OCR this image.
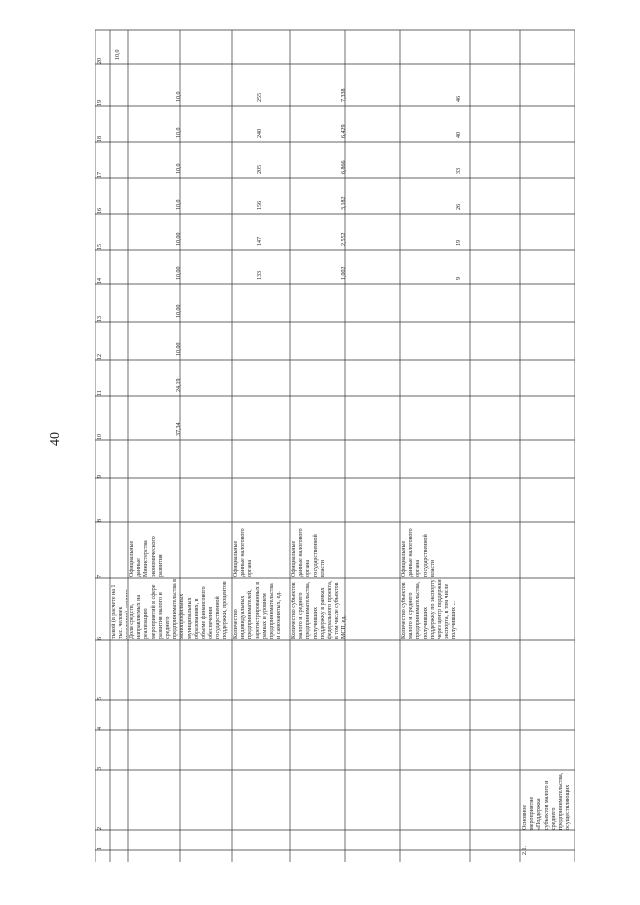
40
1
2
3
4
5
6
7
8
9
10
11
12
13
14
15
16
17
18
19
20
тыкой (в расчете на 1 тыс. человек
10,0
Доля средств, направляемых на реализацию мероприятий в сфере развития малого и среднего предпринимательства в монопрофильных муниципальных образованиях, в объеме финансового обеспечения государственной поддержки, процентов
Официальные данные Министерства экономического развития
37,34
24,19
10,00
10,00
10,00
10,00
10,0
10,0
10,0
10,0
Количество индивидуальных предпринимателей, зарегистрированных в рамках и уровнем предпринимательства и самозанятых, ед.
Официальные данные налогового органа
133
147
156
205
240
255
Количество субъектов малого и среднего предпринимательства, получивших поддержку в рамках федерального проекта, в том числе субъектов МСП, ед.
Официальные данные налогового органа государственной власти
1,002
2,552
3,182
6,866
6,429
7,338
Количество субъектов малого и среднего предпринимательства, получивших поддержку по экспорту через центр поддержки экспорта, в том числе получивших ...
Официальные данные налогового органа государственной власти
9
19
26
33
40
46
2.1.
Основное мероприятие «Поддержка субъектов малого и среднего предпринимательства, осуществляющих
